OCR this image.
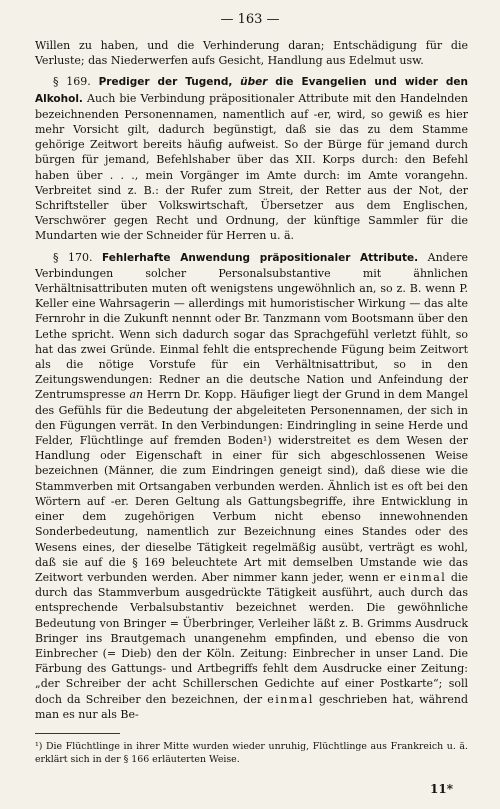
— 163 —

Willen zu haben, und die Verhinderung daran; Entschädigung für die Verluste; das Niederwerfen aufs Gesicht, Handlung aus Edelmut usw.

§ 169. Prediger der Tugend, über die Evangelien und wider den Alkohol. Auch bie Verbindung präpositionaler Attribute mit den Handelnden bezeichnenden Personennamen, namentlich auf -er, wird, so gewiß es hier mehr Vorsicht gilt, dadurch begünstigt, daß sie das zu dem Stamme gehörige Zeitwort bereits häufig aufweist. So der Bürge für jemand durch bürgen für jemand, Befehlshaber über das XII. Korps durch: den Befehl haben über . . ., mein Vorgänger im Amte durch: im Amte vorangehn. Verbreitet sind z. B.: der Rufer zum Streit, der Retter aus der Not, der Schriftsteller über Volkswirtschaft, Übersetzer aus dem Englischen, Verschwörer gegen Recht und Ordnung, der künftige Sammler für die Mundarten wie der Schneider für Herren u. ä.

§ 170. Fehlerhafte Anwendung präpositionaler Attribute. Andere Verbindungen solcher Personalsubstantive mit ähnlichen Verhältnisattributen muten oft wenigstens ungewöhnlich an, so z. B. wenn P. Keller eine Wahrsagerin — allerdings mit humoristischer Wirkung — das alte Fernrohr in die Zukunft nennnt oder Br. Tanzmann vom Bootsmann über den Lethe spricht. Wenn sich dadurch sogar das Sprachgefühl verletzt fühlt, so hat das zwei Gründe. Einmal fehlt die entsprechende Fügung beim Zeitwort als die nötige Vorstufe für ein Verhältnisattribut, so in den Zeitungswendungen: Redner an die deutsche Nation und Anfeindung der Zentrumspresse an Herrn Dr. Kopp. Häufiger liegt der Grund in dem Mangel des Gefühls für die Bedeutung der abgeleiteten Personennamen, der sich in den Fügungen verrät. In den Verbindungen: Eindringling in seine Herde und Felder, Flüchtlinge auf fremden Boden¹) widerstreitet es dem Wesen der Handlung oder Eigenschaft in einer für sich abgeschlossenen Weise bezeichnen (Männer, die zum Eindringen geneigt sind), daß diese wie die Stammverben mit Ortsangaben verbunden werden. Ähnlich ist es oft bei den Wörtern auf -er. Deren Geltung als Gattungsbegriffe, ihre Entwicklung in einer dem zugehörigen Verbum nicht ebenso innewohnenden Sonderbedeutung, namentlich zur Bezeichnung eines Standes oder des Wesens eines, der dieselbe Tätigkeit regelmäßig ausübt, verträgt es wohl, daß sie auf die § 169 beleuchtete Art mit demselben Umstande wie das Zeitwort verbunden werden. Aber nimmer kann jeder, wenn er einmal die durch das Stammverbum ausgedrückte Tätigkeit ausführt, auch durch das entsprechende Verbalsubstantiv bezeichnet werden. Die gewöhnliche Bedeutung von Bringer = Überbringer, Verleiher läßt z. B. Grimms Ausdruck Bringer ins Brautgemach unangenehm empfinden, und ebenso die von Einbrecher (= Dieb) den der Köln. Zeitung: Einbrecher in unser Land. Die Färbung des Gattungs- und Artbegriffs fehlt dem Ausdrucke einer Zeitung: „der Schreiber der acht Schillerschen Gedichte auf einer Postkarte“; soll doch da Schreiber den bezeichnen, der einmal geschrieben hat, während man es nur als Be-

¹) Die Flüchtlinge in ihrer Mitte wurden wieder unruhig, Flüchtlinge aus Frankreich u. ä. erklärt sich in der § 166 erläuterten Weise.
11*
